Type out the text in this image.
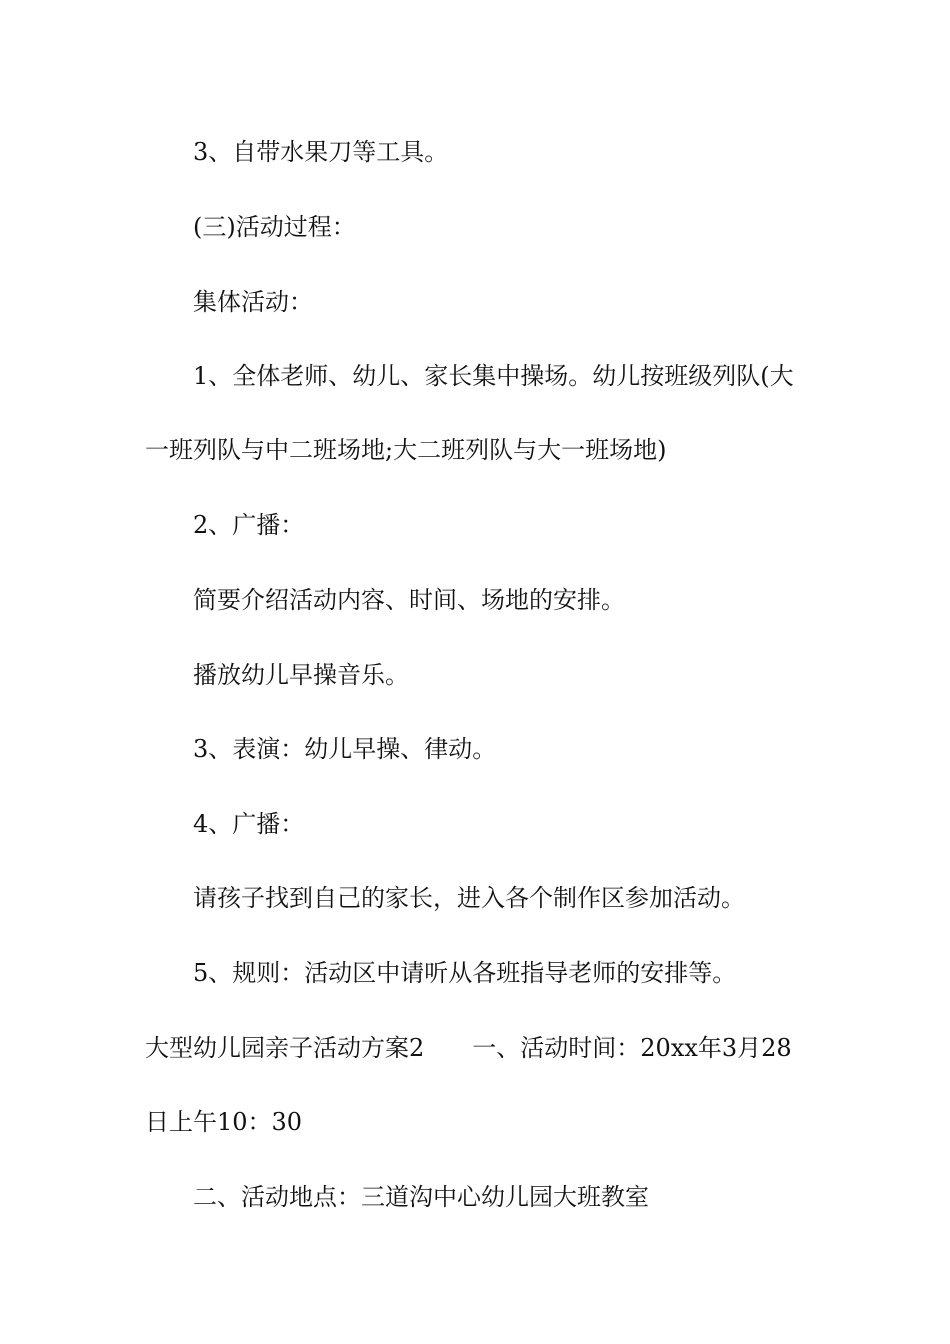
3、自带水果刀等工具。
(三)活动过程：
集体活动：
1、全体老师、幼儿、家长集中操场。幼儿按班级列队(大
一班列队与中二班场地;大二班列队与大一班场地)
2、广播：
简要介绍活动内容、时间、场地的安排。
播放幼儿早操音乐。
3、表演：幼儿早操、律动。
4、广播：
请孩子找到自己的家长，进入各个制作区参加活动。
5、规则：活动区中请听从各班指导老师的安排等。
大型幼儿园亲子活动方案2 一、活动时间：20xx年3月28
日上午10：30
二、活动地点：三道沟中心幼儿园大班教室
